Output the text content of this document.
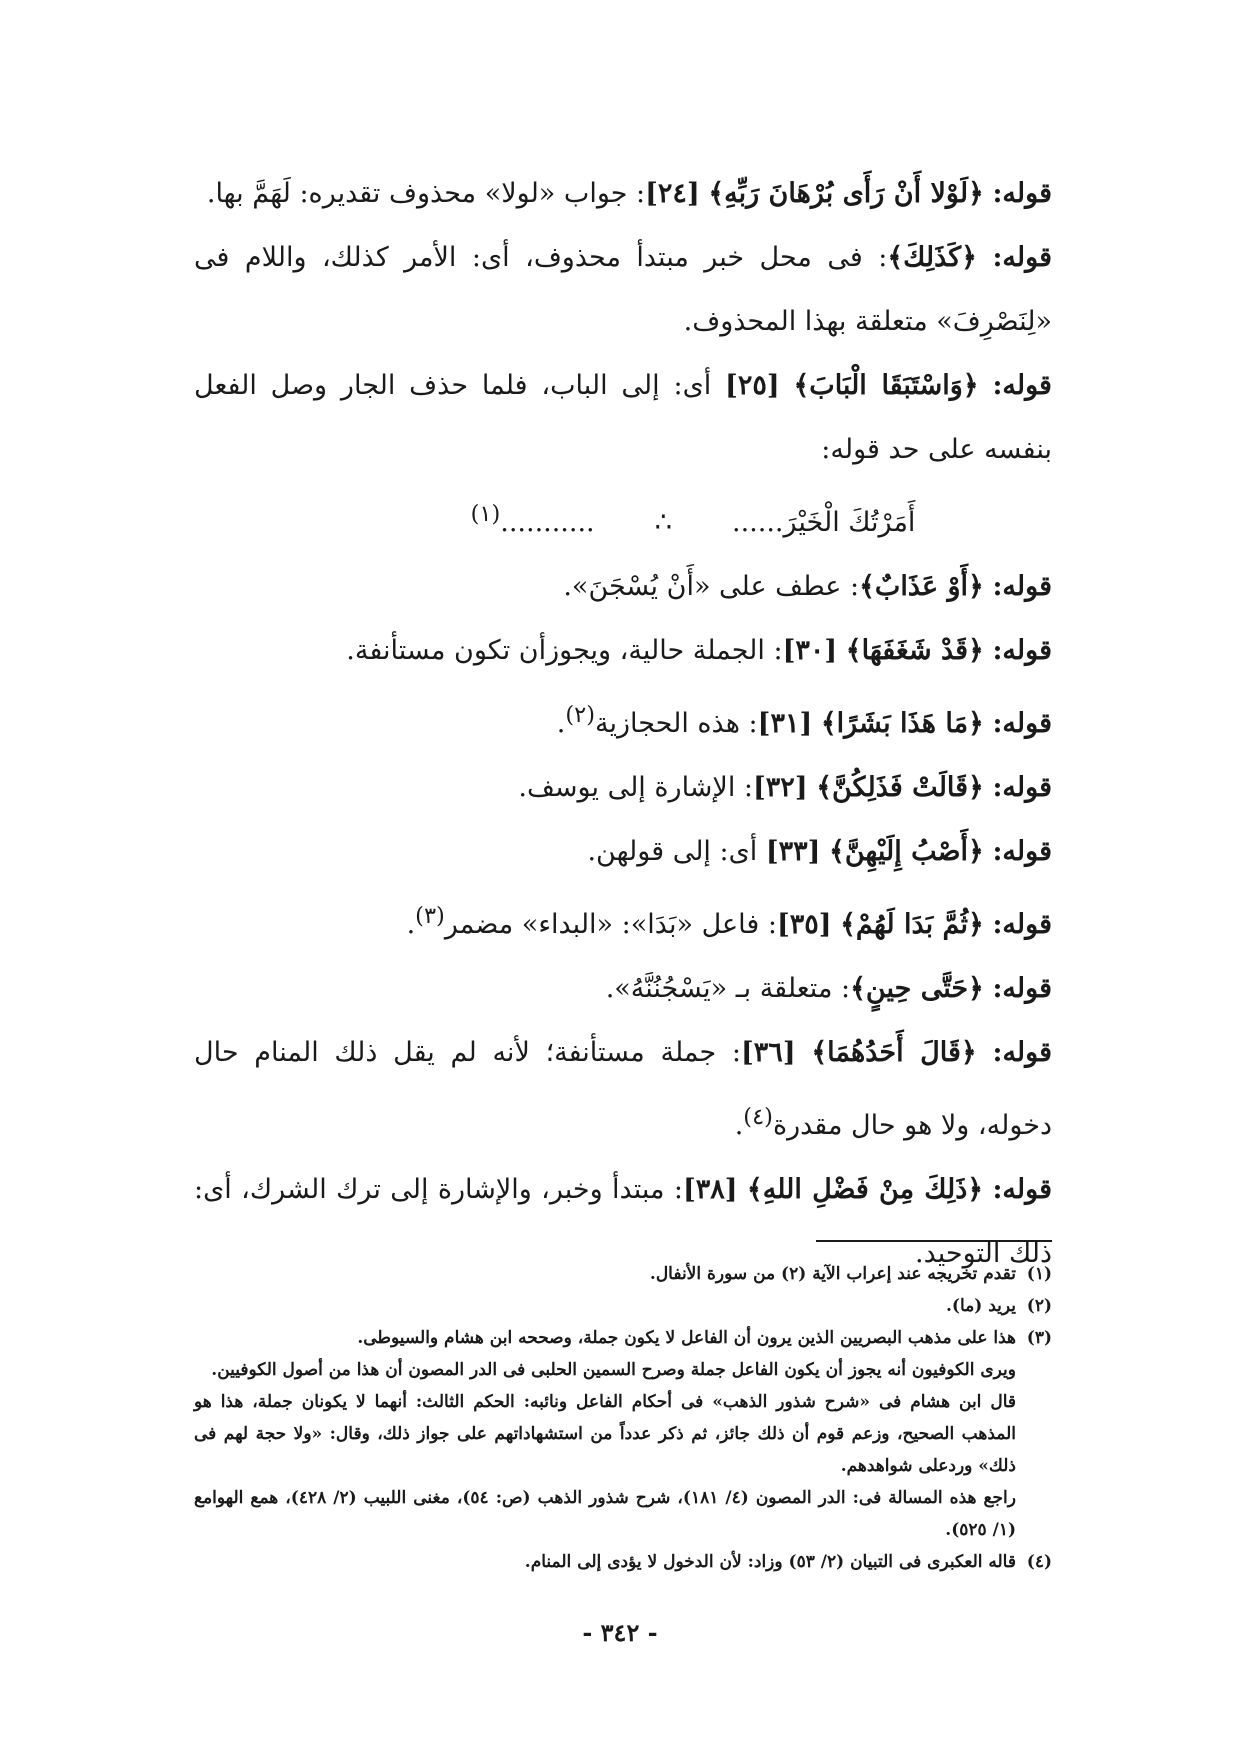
قوله: ﴿لَوْلا أَنْ رَأَى بُرْهَانَ رَبِّهِ﴾ [٢٤]: جواب «لولا» محذوف تقديره: لَهَمَّ بها.

قوله: ﴿كَذَلِكَ﴾: فى محل خبر مبتدأ محذوف، أى: الأمر كذلك، واللام فى «لِنَصْرِفَ» متعلقة بهذا المحذوف.

قوله: ﴿وَاسْتَبَقَا الْبَابَ﴾ [٢٥] أى: إلى الباب، فلما حذف الجار وصل الفعل بنفسه على حد قوله:

أَمَرْتُكَ الْخَيْرَ......       ∴       ...........$^{(١)}$

قوله: ﴿أَوْ عَذَابٌ﴾: عطف على «أَنْ يُسْجَنَ».

قوله: ﴿قَدْ شَغَفَهَا﴾ [٣٠]: الجملة حالية، ويجوزأن تكون مستأنفة.

قوله: ﴿مَا هَذَا بَشَرًا﴾ [٣١]: هذه الحجازية$^{(٢)}$.

قوله: ﴿قَالَتْ فَذَلِكُنَّ﴾ [٣٢]: الإشارة إلى يوسف.

قوله: ﴿أَصْبُ إِلَيْهِنَّ﴾ [٣٣] أى: إلى قولهن.

قوله: ﴿ثُمَّ بَدَا لَهُمْ﴾ [٣٥]: فاعل «بَدَا»: «البداء» مضمر$^{(٣)}$.

قوله: ﴿حَتَّى حِينٍ﴾: متعلقة بـ «يَسْجُنُنَّهُ».

قوله: ﴿قَالَ أَحَدُهُمَا﴾ [٣٦]: جملة مستأنفة؛ لأنه لم يقل ذلك المنام حال دخوله، ولا هو حال مقدرة$^{(٤)}$.

قوله: ﴿ذَلِكَ مِنْ فَضْلِ اللهِ﴾ [٣٨]: مبتدأ وخبر، والإشارة إلى ترك الشرك، أى: ذلك التوحيد.

(١)تقدم تخريجه عند إعراب الآية (٢) من سورة الأنفال.

(٢)يريد (ما).

(٣)هذا على مذهب البصريين الذين يرون أن الفاعل لا يكون جملة، وصححه ابن هشام والسيوطى.

ويرى الكوفيون أنه يجوز أن يكون الفاعل جملة وصرح السمين الحلبى فى الدر المصون أن هذا من أصول الكوفيين.

قال ابن هشام فى «شرح شذور الذهب» فى أحكام الفاعل ونائبه: الحكم الثالث: أنهما لا يكونان جملة، هذا هو المذهب الصحيح، وزعم قوم أن ذلك جائز، ثم ذكر عدداً من استشهاداتهم على جواز ذلك، وقال: «ولا حجة لهم فى ذلك» وردعلى شواهدهم.

راجع هذه المسالة فى: الدر المصون (٤/ ١٨١)، شرح شذور الذهب (ص: ٥٤)، مغنى اللبيب (٢/ ٤٢٨)، همع الهوامع (١/ ٥٢٥).

(٤)قاله العكبرى فى التبيان (٢/ ٥٣) وزاد: لأن الدخول لا يؤدى إلى المنام.

- ٣٤٢ -
